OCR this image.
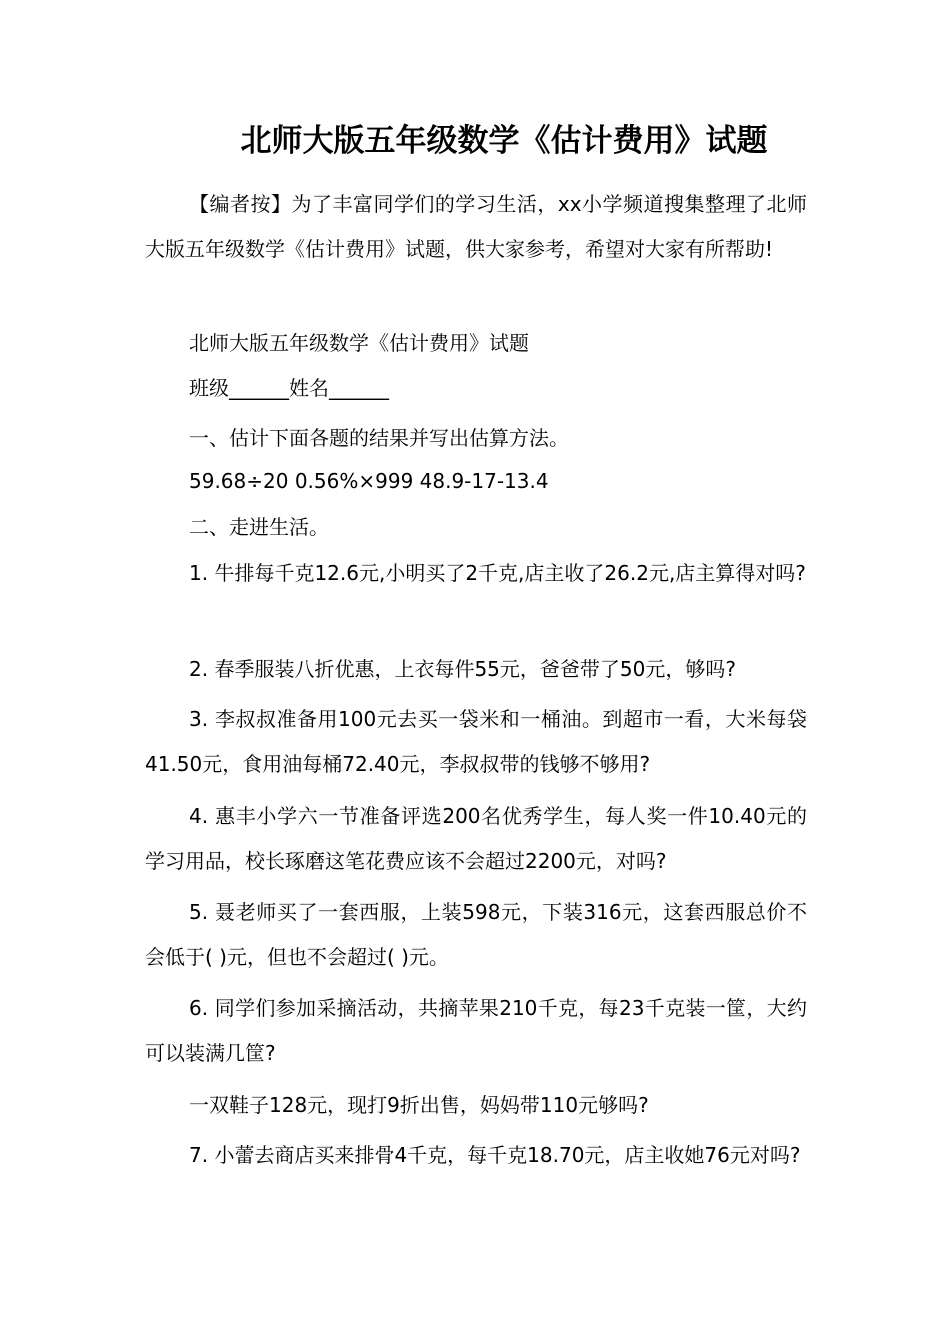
北师大版五年级数学《估计费用》试题

【编者按】为了丰富同学们的学习生活，xx小学频道搜集整理了北师大版五年级数学《估计费用》试题，供大家参考，希望对大家有所帮助!

北师大版五年级数学《估计费用》试题

班级______姓名______

一、估计下面各题的结果并写出估算方法。

59.68÷20 0.56%×999 48.9-17-13.4

二、走进生活。

1. 牛排每千克12.6元,小明买了2千克,店主收了26.2元,店主算得对吗?

2. 春季服装八折优惠，上衣每件55元，爸爸带了50元，够吗?

3. 李叔叔准备用100元去买一袋米和一桶油。到超市一看，大米每袋41.50元，食用油每桶72.40元，李叔叔带的钱够不够用?

4. 惠丰小学六一节准备评选200名优秀学生，每人奖一件10.40元的学习用品，校长琢磨这笔花费应该不会超过2200元，对吗?

5. 聂老师买了一套西服，上装598元，下装316元，这套西服总价不会低于( )元，但也不会超过( )元。

6. 同学们参加采摘活动，共摘苹果210千克，每23千克装一筐，大约可以装满几筐?

一双鞋子128元，现打9折出售，妈妈带110元够吗?

7. 小蕾去商店买来排骨4千克，每千克18.70元，店主收她76元对吗?
